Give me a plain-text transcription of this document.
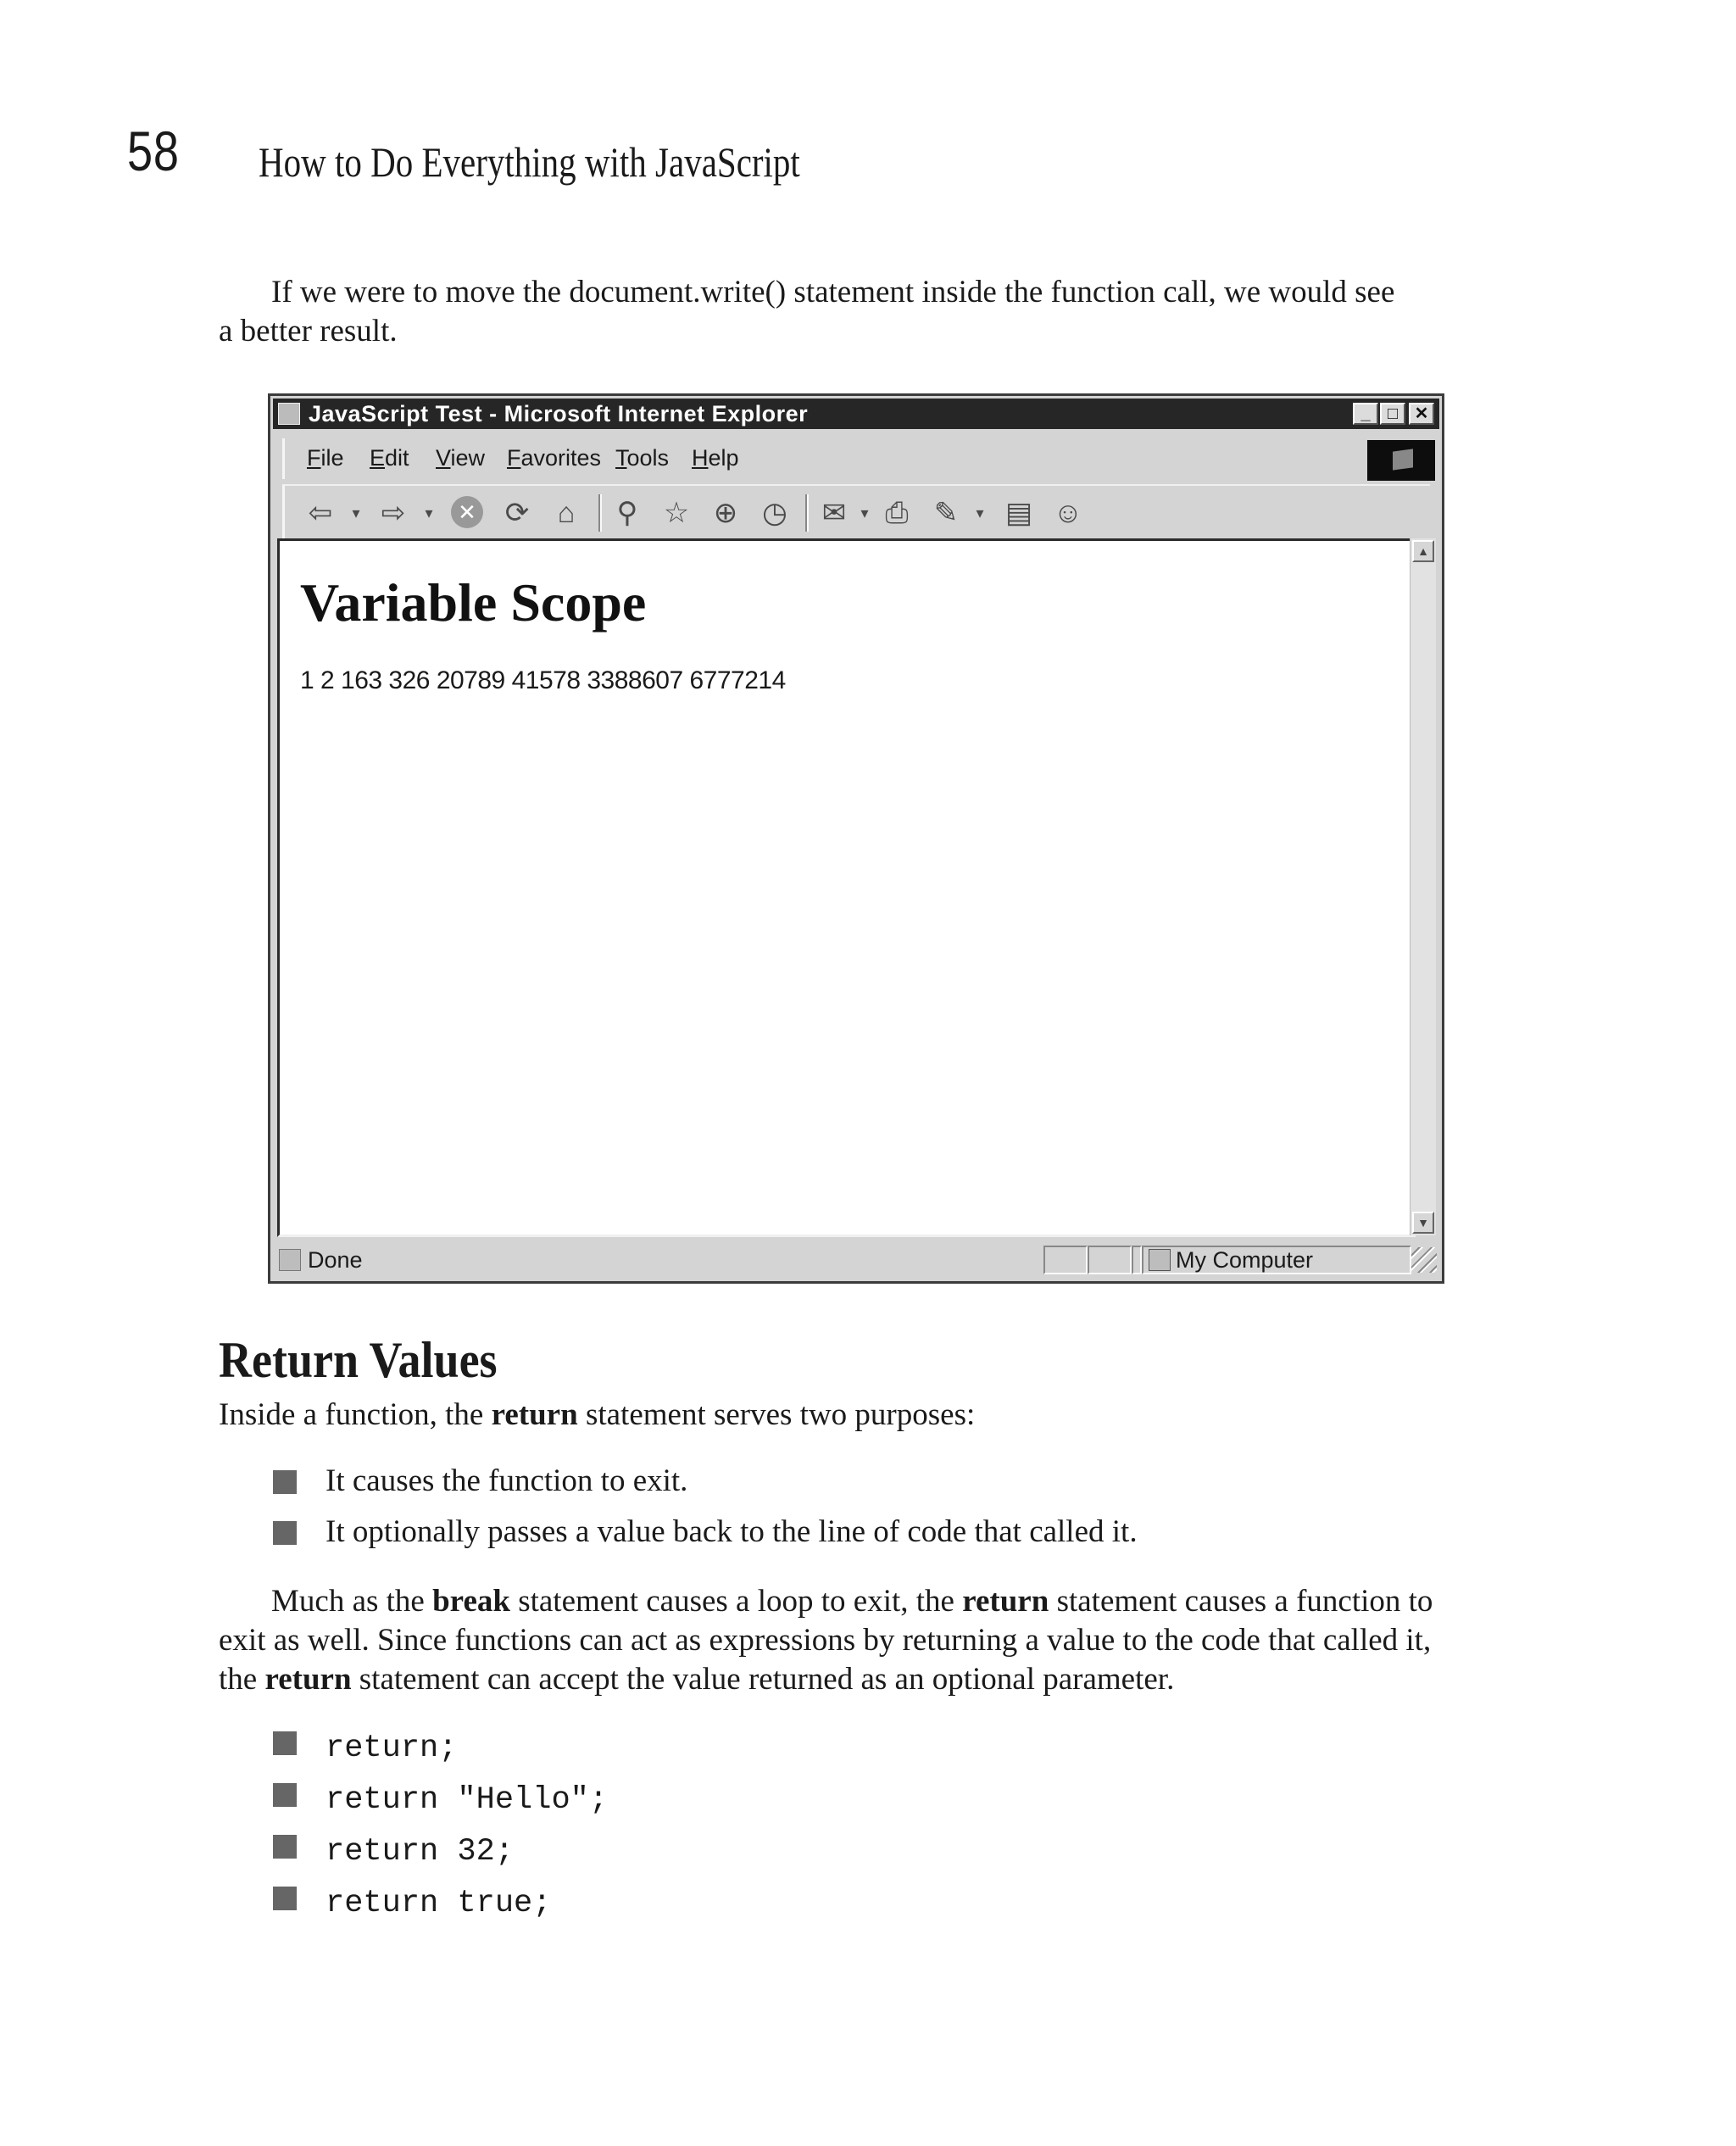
58 How to Do Everything with JavaScript

If we were to move the document.write() statement inside the function call, we would see
a better result.

JavaScript Test - Microsoft Internet Explorer	_	□ ✕
File Edit View Favorites Tools Help
⇦	▾ ⇨	▾	✕ ⟳ ⌂ ⚲ ☆ ⊕ ◷ ✉ ▾ ⎙ ✎	▾ ▤ ☺
Variable Scope
1 2 163 326 20789 41578 3388607 6777214
▲
▼
Done	My Computer
Return Values

Inside a function, the return statement serves two purposes:

It causes the function to exit.
It optionally passes a value back to the line of code that called it.

Much as the break statement causes a loop to exit, the return statement causes a function to
exit as well. Since functions can act as expressions by returning a value to the code that called it,
the return statement can accept the value returned as an optional parameter.

return;
return "Hello";
return 32;
return true;
